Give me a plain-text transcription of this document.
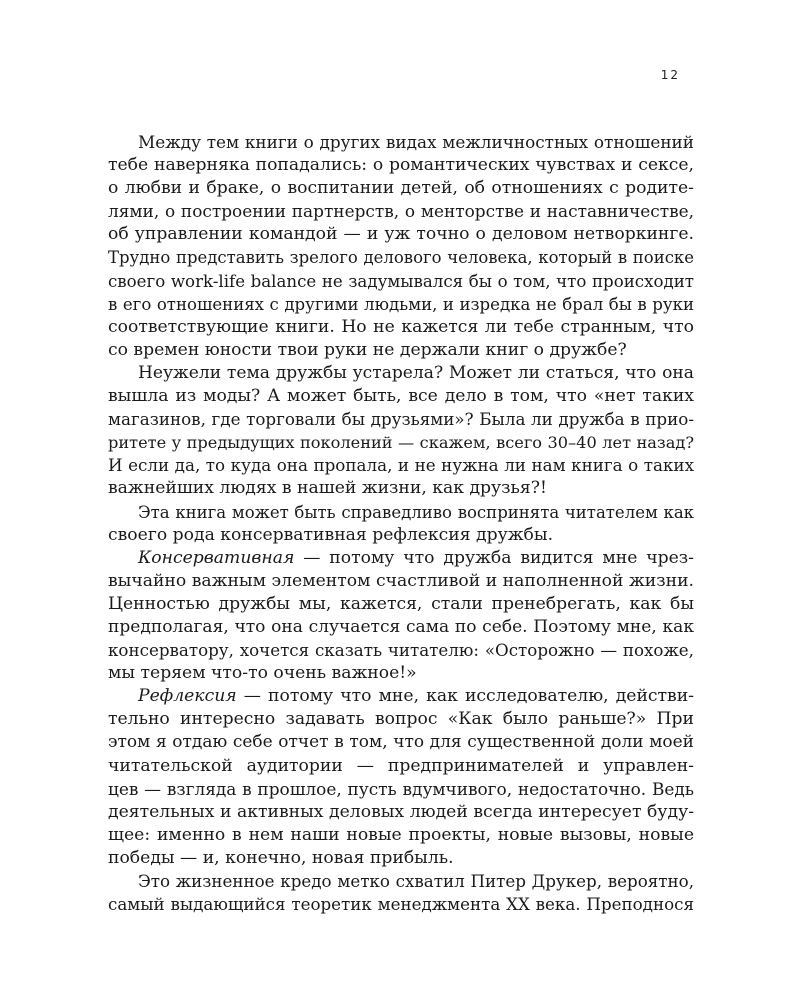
12
Между тем книги о других видах межличностных отношений
тебе наверняка попадались: о романтических чувствах и сексе,
о любви и браке, о воспитании детей, об отношениях с родите-
лями, о построении партнерств, о менторстве и наставничестве,
об управлении командой — и уж точно о деловом нетворкинге.
Трудно представить зрелого делового человека, который в поиске
своего work-life balance не задумывался бы о том, что происходит
в его отношениях с другими людьми, и изредка не брал бы в руки
соответствующие книги. Но не кажется ли тебе странным, что
со времен юности твои руки не держали книг о дружбе?
Неужели тема дружбы устарела? Может ли статься, что она
вышла из моды? А может быть, все дело в том, что «нет таких
магазинов, где торговали бы друзьями»? Была ли дружба в прио-
ритете у предыдущих поколений — скажем, всего 30–40 лет назад?
И если да, то куда она пропала, и не нужна ли нам книга о таких
важнейших людях в нашей жизни, как друзья?!
Эта книга может быть справедливо воспринята читателем как
своего рода консервативная рефлексия дружбы.
Консервативная — потому что дружба видится мне чрез-
вычайно важным элементом счастливой и наполненной жизни.
Ценностью дружбы мы, кажется, стали пренебрегать, как бы
предполагая, что она случается сама по себе. Поэтому мне, как
консерватору, хочется сказать читателю: «Осторожно — похоже,
мы теряем что-то очень важное!»
Рефлексия — потому что мне, как исследователю, действи-
тельно интересно задавать вопрос «Как было раньше?» При
этом я отдаю себе отчет в том, что для существенной доли моей
читательской аудитории — предпринимателей и управлен-
цев — взгляда в прошлое, пусть вдумчивого, недостаточно. Ведь
деятельных и активных деловых людей всегда интересует буду-
щее: именно в нем наши новые проекты, новые вызовы, новые
победы — и, конечно, новая прибыль.
Это жизненное кредо метко схватил Питер Друкер, вероятно,
самый выдающийся теоретик менеджмента XX века. Преподнося
